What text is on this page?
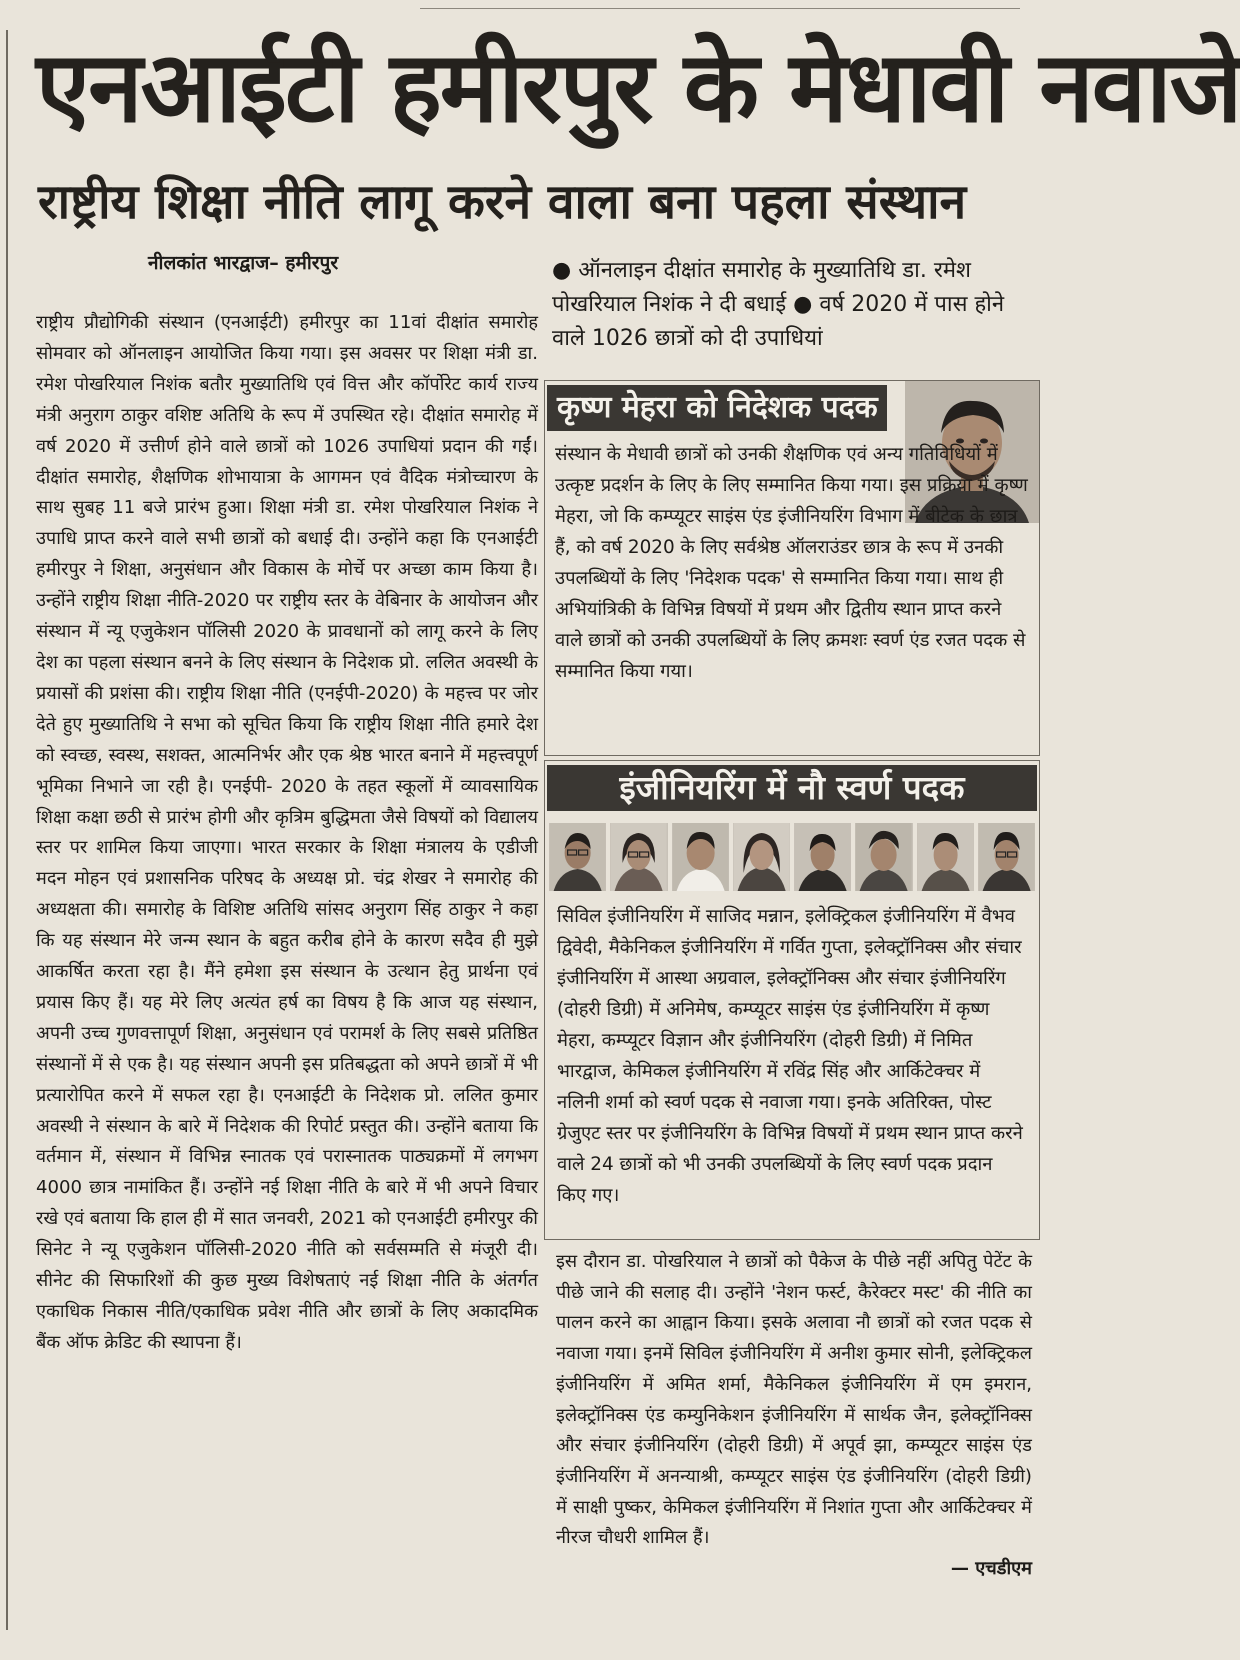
एनआईटी हमीरपुर के मेधावी नवाजे
राष्ट्रीय शिक्षा नीति लागू करने वाला बना पहला संस्थान
नीलकांत भारद्वाज– हमीरपुर

राष्ट्रीय प्रौद्योगिकी संस्थान (एनआईटी) हमीरपुर का 11वां दीक्षांत समारोह सोमवार को ऑनलाइन आयोजित किया गया। इस अवसर पर शिक्षा मंत्री डा. रमेश पोखरियाल निशंक बतौर मुख्यातिथि एवं वित्त और कॉर्पोरेट कार्य राज्य मंत्री अनुराग ठाकुर वशिष्ट अतिथि के रूप में उपस्थित रहे। दीक्षांत समारोह में वर्ष 2020 में उत्तीर्ण होने वाले छात्रों को 1026 उपाधियां प्रदान की गईं। दीक्षांत समारोह, शैक्षणिक शोभायात्रा के आगमन एवं वैदिक मंत्रोच्चारण के साथ सुबह 11 बजे प्रारंभ हुआ। शिक्षा मंत्री डा. रमेश पोखरियाल निशंक ने उपाधि प्राप्त करने वाले सभी छात्रों को बधाई दी। उन्होंने कहा कि एनआईटी हमीरपुर ने शिक्षा, अनुसंधान और विकास के मोर्चे पर अच्छा काम किया है। उन्होंने राष्ट्रीय शिक्षा नीति-2020 पर राष्ट्रीय स्तर के वेबिनार के आयोजन और संस्थान में न्यू एजुकेशन पॉलिसी 2020 के प्रावधानों को लागू करने के लिए देश का पहला संस्थान बनने के लिए संस्थान के निदेशक प्रो. ललित अवस्थी के प्रयासों की प्रशंसा की। राष्ट्रीय शिक्षा नीति (एनईपी-2020) के महत्त्व पर जोर देते हुए मुख्यातिथि ने सभा को सूचित किया कि राष्ट्रीय शिक्षा नीति हमारे देश को स्वच्छ, स्वस्थ, सशक्त, आत्मनिर्भर और एक श्रेष्ठ भारत बनाने में महत्त्वपूर्ण भूमिका निभाने जा रही है। एनईपी- 2020 के तहत स्कूलों में व्यावसायिक शिक्षा कक्षा छठी से प्रारंभ होगी और कृत्रिम बुद्धिमता जैसे विषयों को विद्यालय स्तर पर शामिल किया जाएगा। भारत सरकार के शिक्षा मंत्रालय के एडीजी मदन मोहन एवं प्रशासनिक परिषद के अध्यक्ष प्रो. चंद्र शेखर ने समारोह की अध्यक्षता की। समारोह के विशिष्ट अतिथि सांसद अनुराग सिंह ठाकुर ने कहा कि यह संस्थान मेरे जन्म स्थान के बहुत करीब होने के कारण सदैव ही मुझे आकर्षित करता रहा है। मैंने हमेशा इस संस्थान के उत्थान हेतु प्रार्थना एवं प्रयास किए हैं। यह मेरे लिए अत्यंत हर्ष का विषय है कि आज यह संस्थान, अपनी उच्च गुणवत्तापूर्ण शिक्षा, अनुसंधान एवं परामर्श के लिए सबसे प्रतिष्ठित संस्थानों में से एक है। यह संस्थान अपनी इस प्रतिबद्धता को अपने छात्रों में भी प्रत्यारोपित करने में सफल रहा है। एनआईटी के निदेशक प्रो. ललित कुमार अवस्थी ने संस्थान के बारे में निदेशक की रिपोर्ट प्रस्तुत की। उन्होंने बताया कि वर्तमान में, संस्थान में विभिन्न स्नातक एवं परास्नातक पाठ्यक्रमों में लगभग 4000 छात्र नामांकित हैं। उन्होंने नई शिक्षा नीति के बारे में भी अपने विचार रखे एवं बताया कि हाल ही में सात जनवरी, 2021 को एनआईटी हमीरपुर की सिनेट ने न्यू एजुकेशन पॉलिसी-2020 नीति को सर्वसम्मति से मंजूरी दी। सीनेट की सिफारिशों की कुछ मुख्य विशेषताएं नई शिक्षा नीति के अंतर्गत एकाधिक निकास नीति/एकाधिक प्रवेश नीति और छात्रों के लिए अकादमिक बैंक ऑफ क्रेडिट की स्थापना हैं।

● ऑनलाइन दीक्षांत समारोह के मुख्यातिथि डा. रमेश पोखरियाल निशंक ने दी बधाई ● वर्ष 2020 में पास होने वाले 1026 छात्रों को दी उपाधियां

कृष्ण मेहरा को निदेशक पदक

संस्थान के मेधावी छात्रों को उनकी शैक्षणिक एवं अन्य गतिविधियों में उत्कृष्ट प्रदर्शन के लिए के लिए सम्मानित किया गया। इस प्रक्रिया में कृष्ण मेहरा, जो कि कम्प्यूटर साइंस एंड इंजीनियरिंग विभाग में बीटेक के छात्र हैं, को वर्ष 2020 के लिए सर्वश्रेष्ठ ऑलराउंडर छात्र के रूप में उनकी उपलब्धियों के लिए 'निदेशक पदक' से सम्मानित किया गया। साथ ही अभियांत्रिकी के विभिन्न विषयों में प्रथम और द्वितीय स्थान प्राप्त करने वाले छात्रों को उनकी उपलब्धियों के लिए क्रमशः स्वर्ण एंड रजत पदक से सम्मानित किया गया।

इंजीनियरिंग में नौ स्वर्ण पदक

सिविल इंजीनियरिंग में साजिद मन्नान, इलेक्ट्रिकल इंजीनियरिंग में वैभव द्विवेदी, मैकेनिकल इंजीनियरिंग में गर्वित गुप्ता, इलेक्ट्रॉनिक्स और संचार इंजीनियरिंग में आस्था अग्रवाल, इलेक्ट्रॉनिक्स और संचार इंजीनियरिंग (दोहरी डिग्री) में अनिमेष, कम्प्यूटर साइंस एंड इंजीनियरिंग में कृष्ण मेहरा, कम्प्यूटर विज्ञान और इंजीनियरिंग (दोहरी डिग्री) में निमित भारद्वाज, केमिकल इंजीनियरिंग में रविंद्र सिंह और आर्किटेक्चर में नलिनी शर्मा को स्वर्ण पदक से नवाजा गया। इनके अतिरिक्त, पोस्ट ग्रेजुएट स्तर पर इंजीनियरिंग के विभिन्न विषयों में प्रथम स्थान प्राप्त करने वाले 24 छात्रों को भी उनकी उपलब्धियों के लिए स्वर्ण पदक प्रदान किए गए।

इस दौरान डा. पोखरियाल ने छात्रों को पैकेज के पीछे नहीं अपितु पेटेंट के पीछे जाने की सलाह दी। उन्होंने 'नेशन फर्स्ट, कैरेक्टर मस्ट' की नीति का पालन करने का आह्वान किया। इसके अलावा नौ छात्रों को रजत पदक से नवाजा गया। इनमें सिविल इंजीनियरिंग में अनीश कुमार सोनी, इलेक्ट्रिकल इंजीनियरिंग में अमित शर्मा, मैकेनिकल इंजीनियरिंग में एम इमरान, इलेक्ट्रॉनिक्स एंड कम्युनिकेशन इंजीनियरिंग में सार्थक जैन, इलेक्ट्रॉनिक्स और संचार इंजीनियरिंग (दोहरी डिग्री) में अपूर्व झा, कम्प्यूटर साइंस एंड इंजीनियरिंग में अनन्याश्री, कम्प्यूटर साइंस एंड इंजीनियरिंग (दोहरी डिग्री) में साक्षी पुष्कर, केमिकल इंजीनियरिंग में निशांत गुप्ता और आर्किटेक्चर में नीरज चौधरी शामिल हैं।
— एचडीएम
